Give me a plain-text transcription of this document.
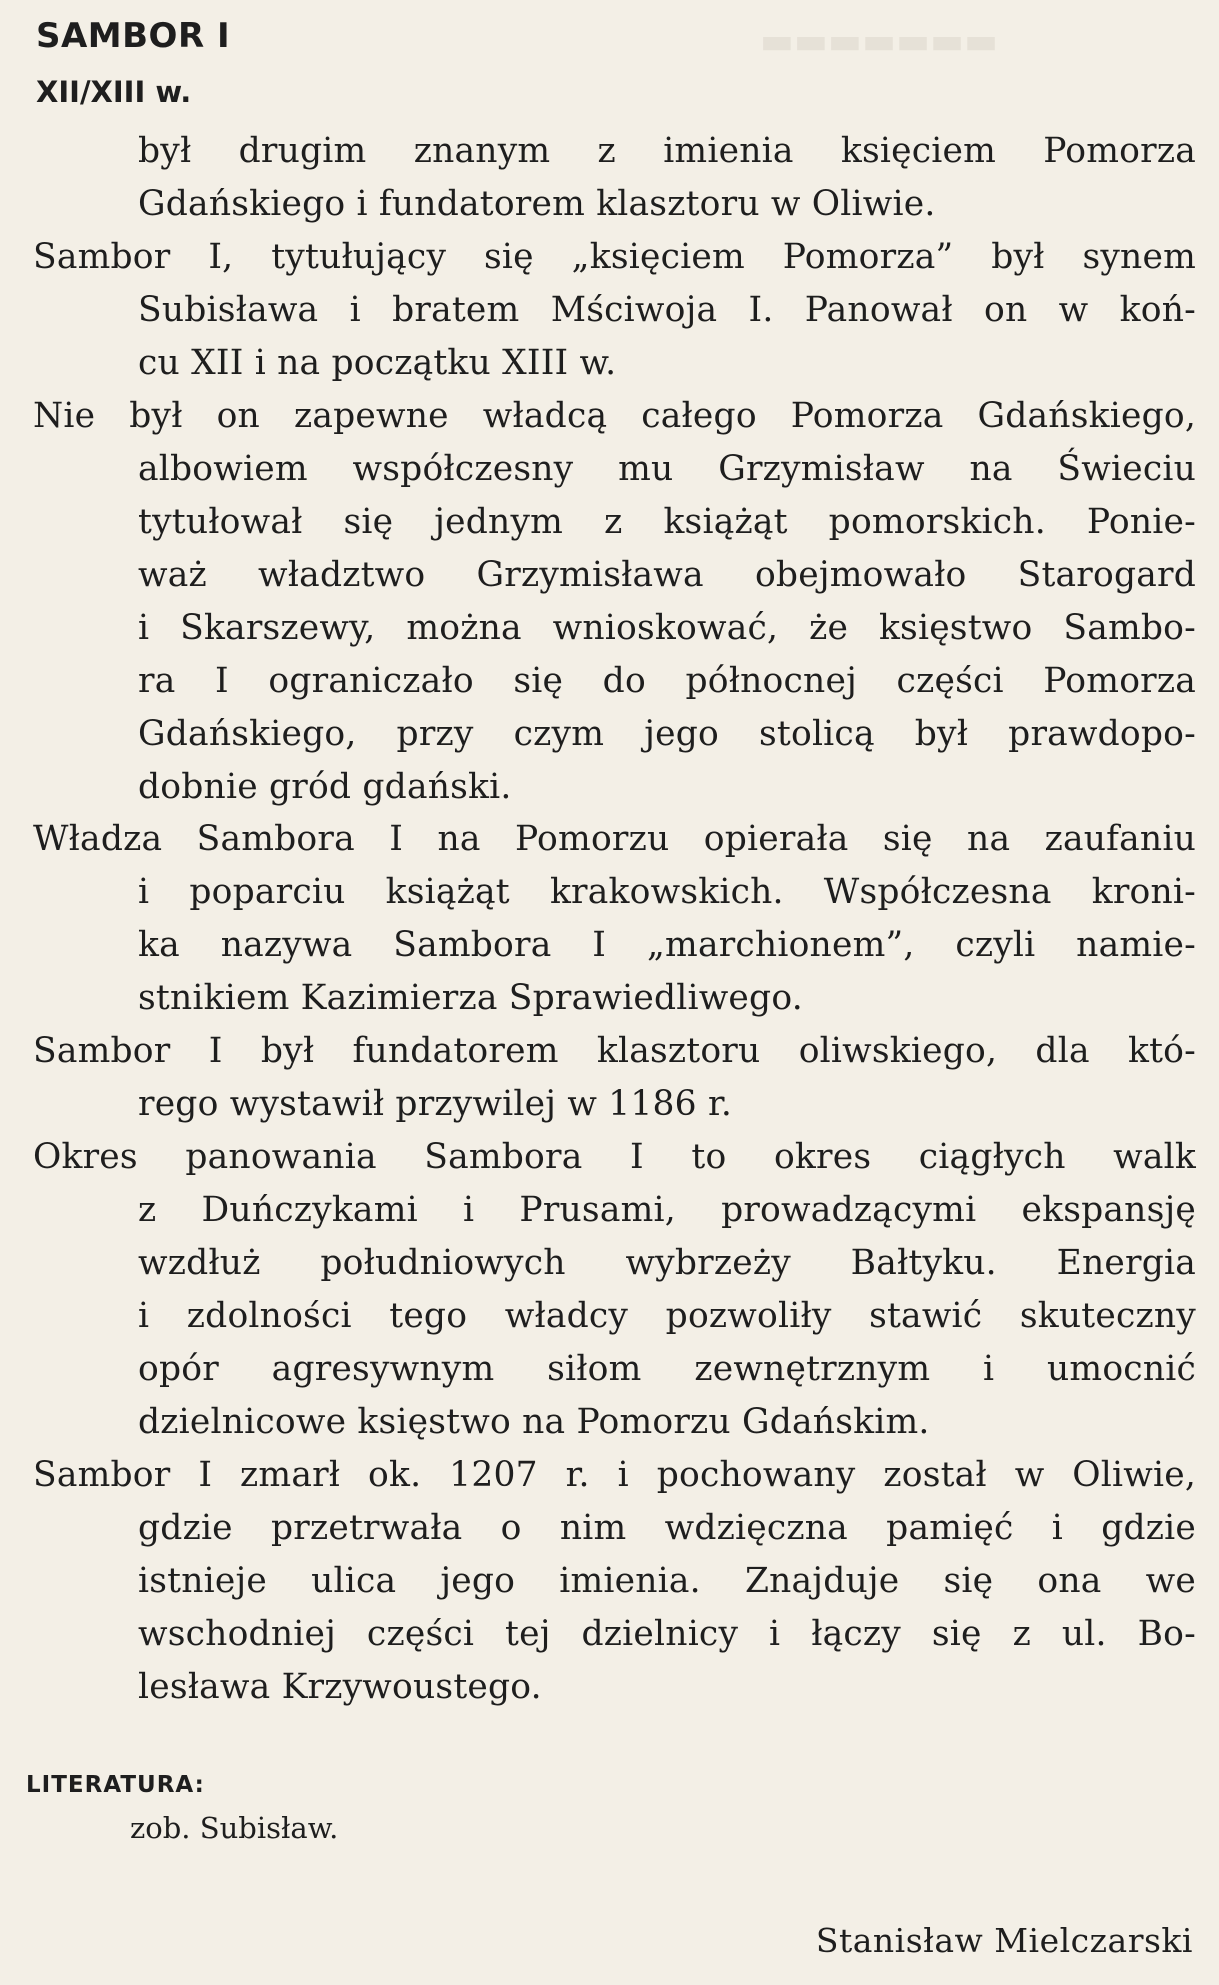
▬▬▬▬▬▬▬
SAMBOR I
XII/XIII w.
był drugim znanym z imienia księciem Pomorza
Gdańskiego i fundatorem klasztoru w Oliwie.
Sambor I, tytułujący się „księciem Pomorza” był synem
Subisława i bratem Mściwoja I. Panował on w koń-
cu XII i na początku XIII w.
Nie był on zapewne władcą całego Pomorza Gdańskiego,
albowiem współczesny mu Grzymisław na Świeciu
tytułował się jednym z książąt pomorskich. Ponie-
waż władztwo Grzymisława obejmowało Starogard
i Skarszewy, można wnioskować, że księstwo Sambo-
ra I ograniczało się do północnej części Pomorza
Gdańskiego, przy czym jego stolicą był prawdopo-
dobnie gród gdański.
Władza Sambora I na Pomorzu opierała się na zaufaniu
i poparciu książąt krakowskich. Współczesna kroni-
ka nazywa Sambora I „marchionem”, czyli namie-
stnikiem Kazimierza Sprawiedliwego.
Sambor I był fundatorem klasztoru oliwskiego, dla któ-
rego wystawił przywilej w 1186 r.
Okres panowania Sambora I to okres ciągłych walk
z Duńczykami i Prusami, prowadzącymi ekspansję
wzdłuż południowych wybrzeży Bałtyku. Energia
i zdolności tego władcy pozwoliły stawić skuteczny
opór agresywnym siłom zewnętrznym i umocnić
dzielnicowe księstwo na Pomorzu Gdańskim.
Sambor I zmarł ok. 1207 r. i pochowany został w Oliwie,
gdzie przetrwała o nim wdzięczna pamięć i gdzie
istnieje ulica jego imienia. Znajduje się ona we
wschodniej części tej dzielnicy i łączy się z ul. Bo-
lesława Krzywoustego.
LITERATURA:
zob. Subisław.
Stanisław Mielczarski
